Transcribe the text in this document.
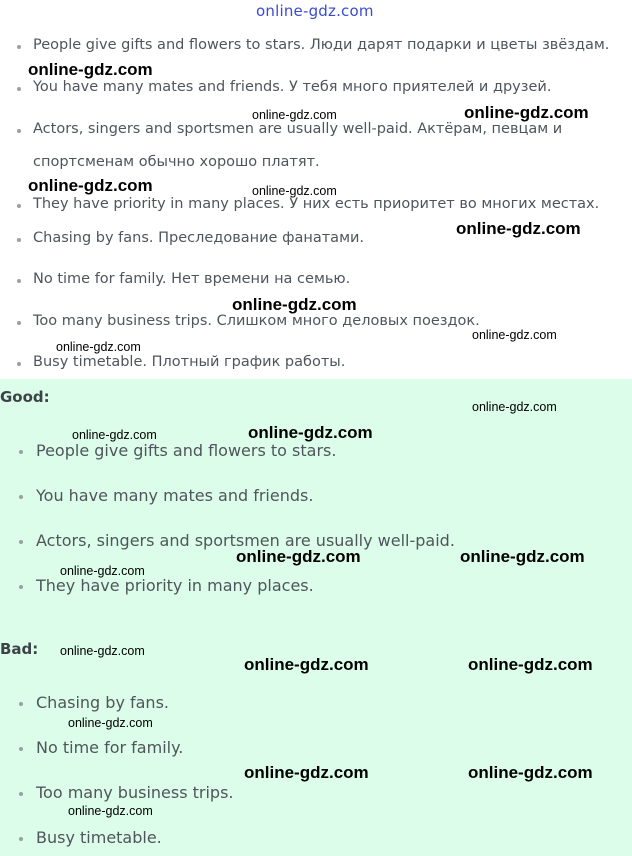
online-gdz.com
People give gifts and flowers to stars. Люди дарят подарки и цветы звёздам.
You have many mates and friends. У тебя много приятелей и друзей.
Actors, singers and sportsmen are usually well-paid. Актёрам, певцам и
спортсменам обычно хорошо платят.
They have priority in many places. У них есть приоритет во многих местах.
Chasing by fans. Преследование фанатами.
No time for family. Нет времени на семью.
Too many business trips. Слишком много деловых поездок.
Busy timetable. Плотный график работы.
Good:
People give gifts and flowers to stars.
You have many mates and friends.
Actors, singers and sportsmen are usually well-paid.
They have priority in many places.
Bad:
Chasing by fans.
No time for family.
Too many business trips.
Busy timetable.
online-gdz.com
online-gdz.com	online-gdz.com
online-gdz.com	online-gdz.com
online-gdz.com
online-gdz.com
online-gdz.com
online-gdz.com
online-gdz.com
online-gdz.com	online-gdz.com
online-gdz.com	online-gdz.com
online-gdz.com
online-gdz.com
online-gdz.com	online-gdz.com
online-gdz.com
online-gdz.com	online-gdz.com
online-gdz.com
